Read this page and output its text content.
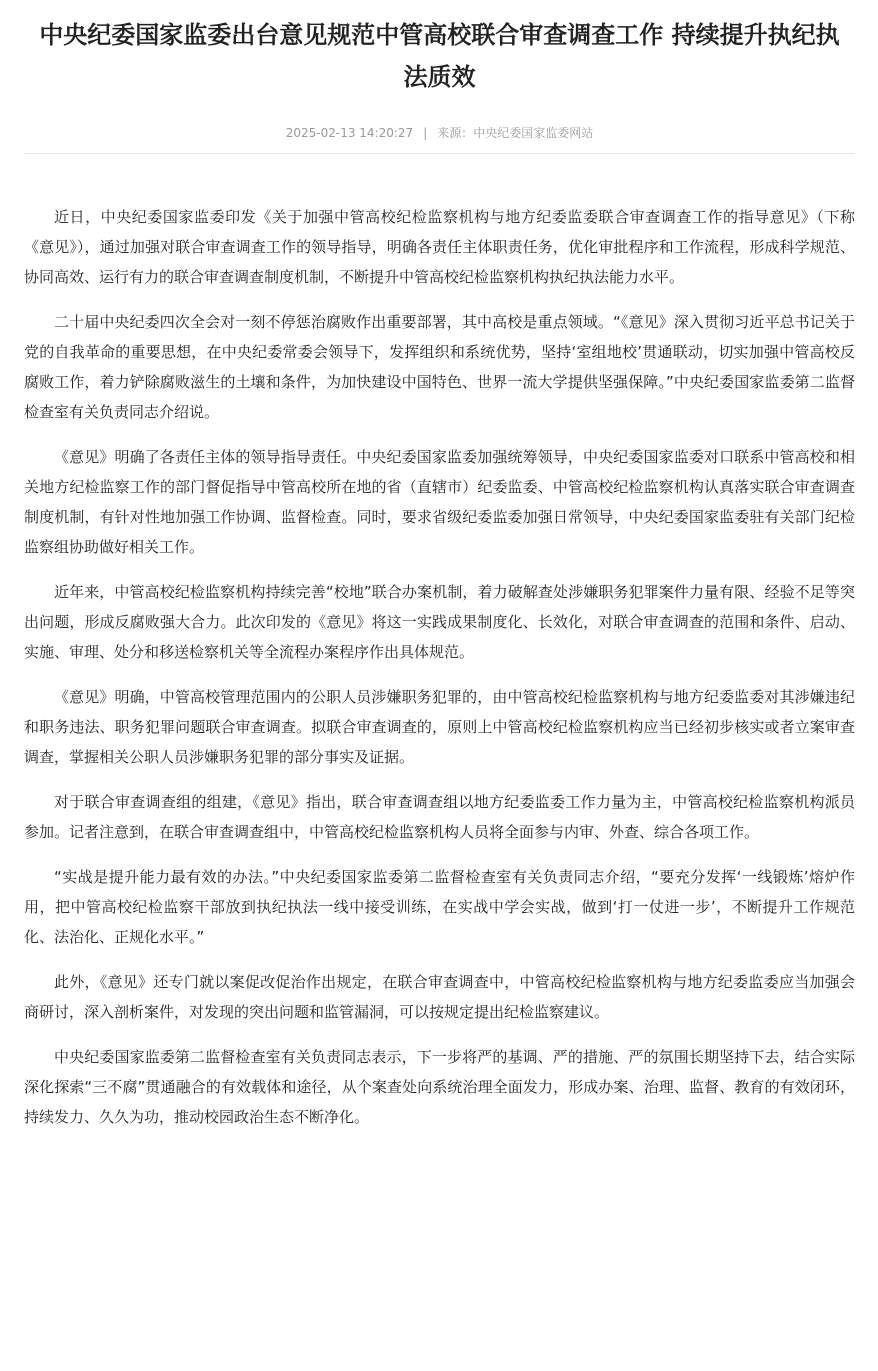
中央纪委国家监委出台意见规范中管高校联合审查调查工作 持续提升执纪执法质效
2025-02-13 14:20:27 | 来源：中央纪委国家监委网站

近日，中央纪委国家监委印发《关于加强中管高校纪检监察机构与地方纪委监委联合审查调查工作的指导意见》（下称《意见》），通过加强对联合审查调查工作的领导指导，明确各责任主体职责任务，优化审批程序和工作流程，形成科学规范、协同高效、运行有力的联合审查调查制度机制，不断提升中管高校纪检监察机构执纪执法能力水平。

二十届中央纪委四次全会对一刻不停惩治腐败作出重要部署，其中高校是重点领域。“《意见》深入贯彻习近平总书记关于党的自我革命的重要思想，在中央纪委常委会领导下，发挥组织和系统优势，坚持‘室组地校’贯通联动，切实加强中管高校反腐败工作，着力铲除腐败滋生的土壤和条件，为加快建设中国特色、世界一流大学提供坚强保障。”中央纪委国家监委第二监督检查室有关负责同志介绍说。

《意见》明确了各责任主体的领导指导责任。中央纪委国家监委加强统筹领导，中央纪委国家监委对口联系中管高校和相关地方纪检监察工作的部门督促指导中管高校所在地的省（直辖市）纪委监委、中管高校纪检监察机构认真落实联合审查调查制度机制，有针对性地加强工作协调、监督检查。同时，要求省级纪委监委加强日常领导，中央纪委国家监委驻有关部门纪检监察组协助做好相关工作。

近年来，中管高校纪检监察机构持续完善“校地”联合办案机制，着力破解查处涉嫌职务犯罪案件力量有限、经验不足等突出问题，形成反腐败强大合力。此次印发的《意见》将这一实践成果制度化、长效化，对联合审查调查的范围和条件、启动、实施、审理、处分和移送检察机关等全流程办案程序作出具体规范。

《意见》明确，中管高校管理范围内的公职人员涉嫌职务犯罪的，由中管高校纪检监察机构与地方纪委监委对其涉嫌违纪和职务违法、职务犯罪问题联合审查调查。拟联合审查调查的，原则上中管高校纪检监察机构应当已经初步核实或者立案审查调查，掌握相关公职人员涉嫌职务犯罪的部分事实及证据。

对于联合审查调查组的组建，《意见》指出，联合审查调查组以地方纪委监委工作力量为主，中管高校纪检监察机构派员参加。记者注意到，在联合审查调查组中，中管高校纪检监察机构人员将全面参与内审、外查、综合各项工作。

“实战是提升能力最有效的办法。”中央纪委国家监委第二监督检查室有关负责同志介绍，“要充分发挥‘一线锻炼’熔炉作用，把中管高校纪检监察干部放到执纪执法一线中接受训练，在实战中学会实战，做到‘打一仗进一步’，不断提升工作规范化、法治化、正规化水平。”

此外，《意见》还专门就以案促改促治作出规定，在联合审查调查中，中管高校纪检监察机构与地方纪委监委应当加强会商研讨，深入剖析案件，对发现的突出问题和监管漏洞，可以按规定提出纪检监察建议。

中央纪委国家监委第二监督检查室有关负责同志表示，下一步将严的基调、严的措施、严的氛围长期坚持下去，结合实际深化探索“三不腐”贯通融合的有效载体和途径，从个案查处向系统治理全面发力，形成办案、治理、监督、教育的有效闭环，持续发力、久久为功，推动校园政治生态不断净化。
